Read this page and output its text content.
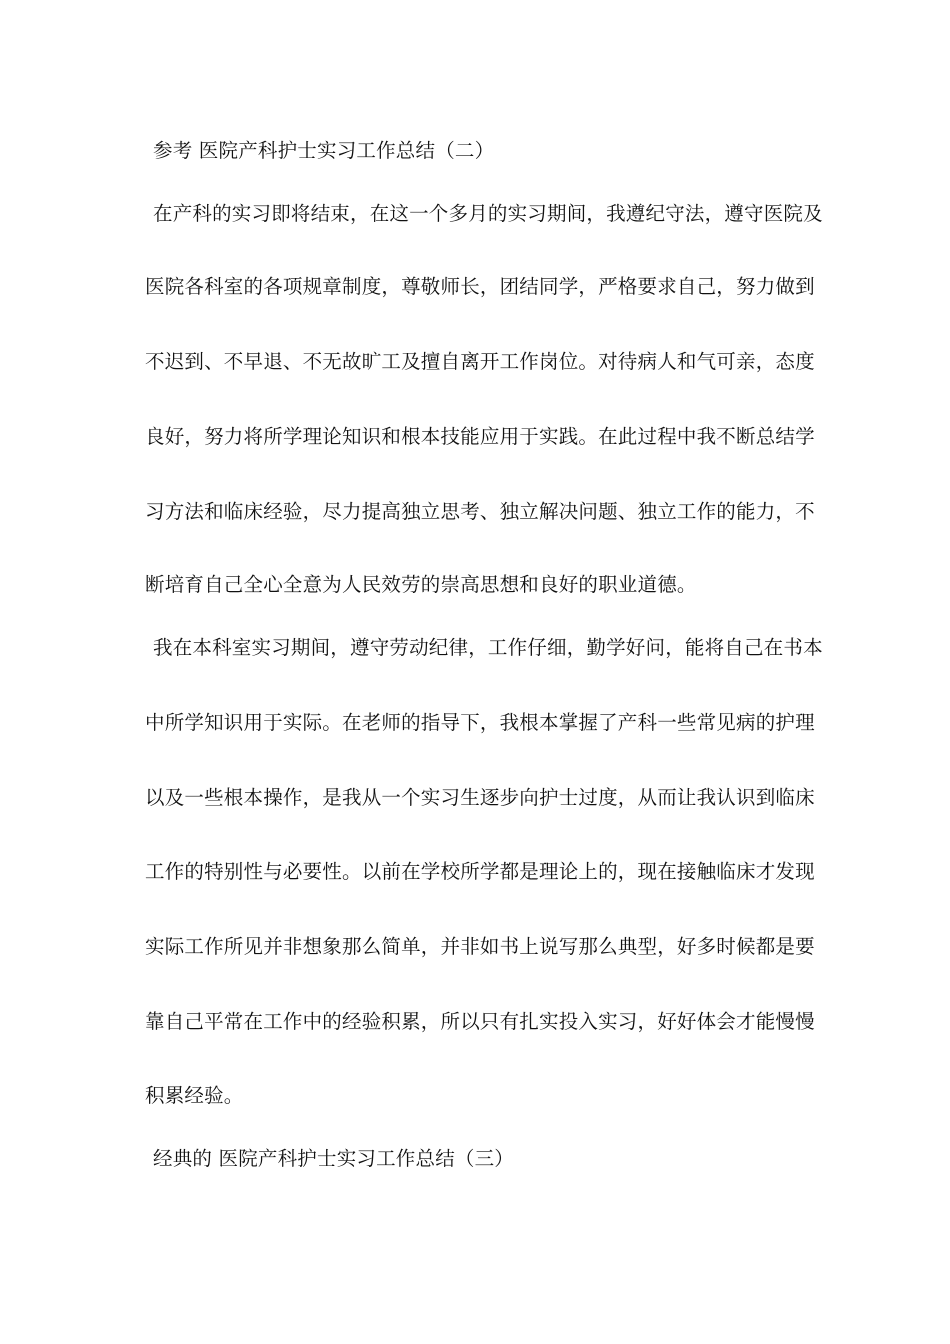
参考 医院产科护士实习工作总结（二）
在产科的实习即将结束，在这一个多月的实习期间，我遵纪守法，遵守医院及
医院各科室的各项规章制度，尊敬师长，团结同学，严格要求自己，努力做到
不迟到、不早退、不无故旷工及擅自离开工作岗位。对待病人和气可亲，态度
良好，努力将所学理论知识和根本技能应用于实践。在此过程中我不断总结学
习方法和临床经验，尽力提高独立思考、独立解决问题、独立工作的能力，不
断培育自己全心全意为人民效劳的崇高思想和良好的职业道德。
我在本科室实习期间，遵守劳动纪律，工作仔细，勤学好问，能将自己在书本
中所学知识用于实际。在老师的指导下，我根本掌握了产科一些常见病的护理
以及一些根本操作，是我从一个实习生逐步向护士过度，从而让我认识到临床
工作的特别性与必要性。以前在学校所学都是理论上的，现在接触临床才发现
实际工作所见并非想象那么简单，并非如书上说写那么典型，好多时候都是要
靠自己平常在工作中的经验积累，所以只有扎实投入实习，好好体会才能慢慢
积累经验。
经典的 医院产科护士实习工作总结（三）
